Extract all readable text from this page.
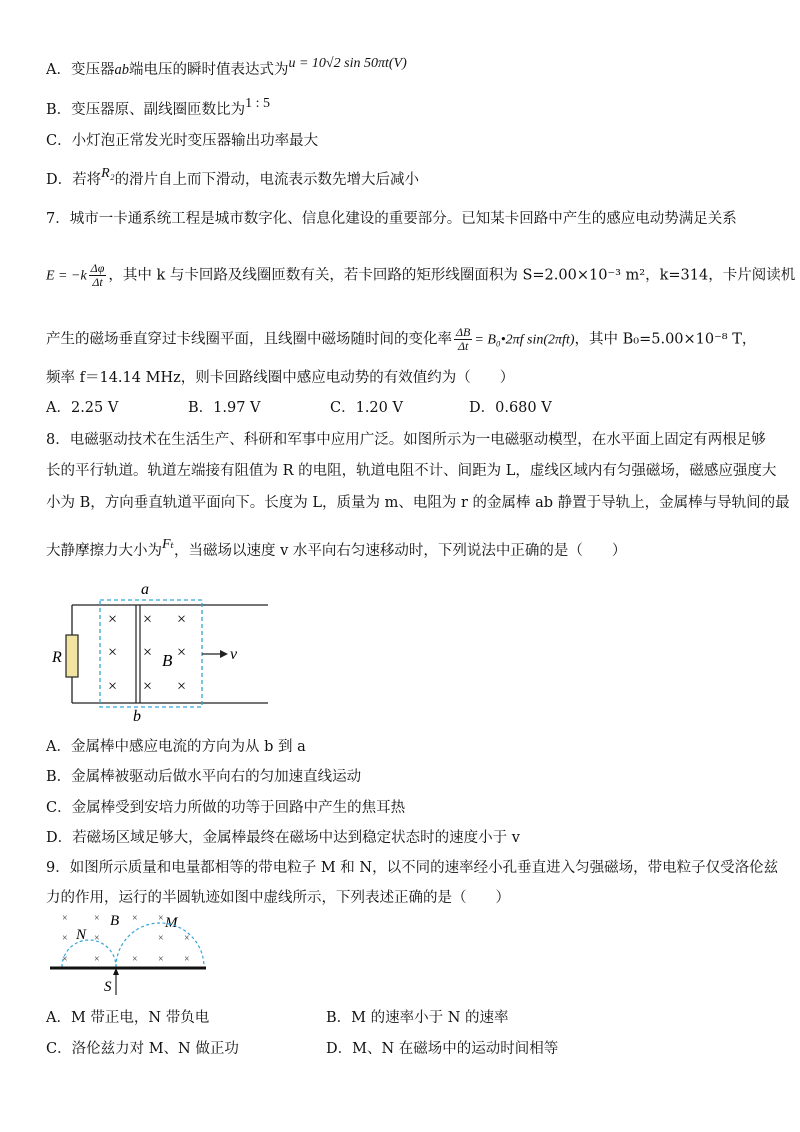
A．变压器ab端电压的瞬时值表达式为u = 10√2 sin 50πt(V)
B．变压器原、副线圈匝数比为1 : 5
C．小灯泡正常发光时变压器输出功率最大
D．若将R₂的滑片自上而下滑动，电流表示数先增大后减小
7．城市一卡通系统工程是城市数字化、信息化建设的重要部分。已知某卡回路中产生的感应电动势满足关系
$E = -k \frac{\Delta\varphi}{\Delta t}$ ，其中 k 与卡回路及线圈匝数有关，若卡回路的矩形线圈面积为 S=2.00×10⁻³ m²，k=314，卡片阅读机
产生的磁场垂直穿过卡线圈平面，且线圈中磁场随时间的变化率 $\frac{\Delta B}{\Delta t}$ = B₀•2πf sin(2πft)，其中 B₀=5.00×10⁻⁸ T，
频率 f＝14.14 MHz，则卡回路线圈中感应电动势的有效值约为（　　）
A．2.25 V	B．1.97 V	C．1.20 V	D．0.680 V
8．电磁驱动技术在生活生产、科研和军事中应用广泛。如图所示为一电磁驱动模型，在水平面上固定有两根足够
长的平行轨道。轨道左端接有阻值为 R 的电阻，轨道电阻不计、间距为 L，虚线区域内有匀强磁场，磁感应强度大
小为 B，方向垂直轨道平面向下。长度为 L，质量为 m、电阻为 r 的金属棒 ab 静置于导轨上，金属棒与导轨间的最
大静摩擦力大小为Fₜ，当磁场以速度 v 水平向右匀速移动时，下列说法中正确的是（　　）
R
a
b
× × ×
× × ×
× × ×
B	v
A．金属棒中感应电流的方向为从 b 到 a
B．金属棒被驱动后做水平向右的匀加速直线运动
C．金属棒受到安培力所做的功等于回路中产生的焦耳热
D．若磁场区域足够大，金属棒最终在磁场中达到稳定状态时的速度小于 v
9．如图所示质量和电量都相等的带电粒子 M 和 N，以不同的速率经小孔垂直进入匀强磁场，带电粒子仅受洛伦兹
力的作用，运行的半圆轨迹如图中虚线所示，下列表述正确的是（　　）
×	×	× ×
×	×	× ×
×	×	× × ×
B	M
N
S
A．M 带正电，N 带负电	B．M 的速率小于 N 的速率
C．洛伦兹力对 M、N 做正功	D．M、N 在磁场中的运动时间相等
